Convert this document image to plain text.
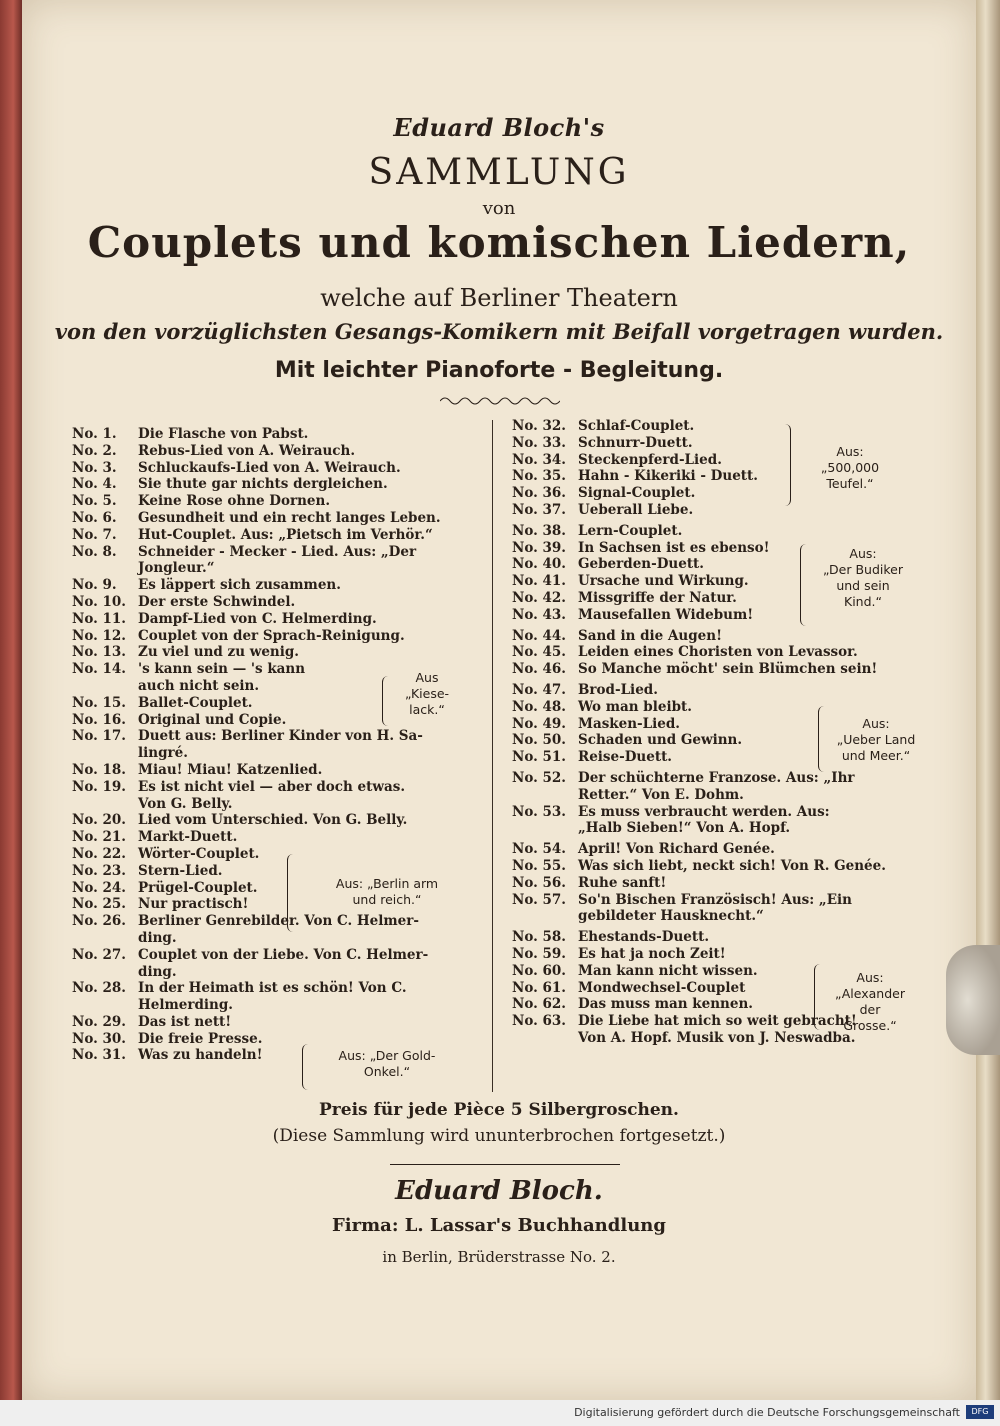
Eduard Bloch's
SAMMLUNG
von
Couplets und komischen Liedern,
welche auf Berliner Theatern
von den vorzüglichsten Gesangs-Komikern mit Beifall vorgetragen wurden.
Mit leichter Pianoforte - Begleitung.
No. 1.	Die Flasche von Pabst.
No. 2.	Rebus-Lied von A. Weirauch.
No. 3.	Schluckaufs-Lied von A. Weirauch.
No. 4.	Sie thute gar nichts dergleichen.
No. 5.	Keine Rose ohne Dornen.
No. 6.	Gesundheit und ein recht langes Leben.
No. 7.	Hut-Couplet. Aus: „Pietsch im Verhör.“
No. 8.	Schneider - Mecker - Lied. Aus: „Der
Jongleur.“
No. 9.	Es läppert sich zusammen.
No. 10. Der erste Schwindel.
No. 11. Dampf-Lied von C. Helmerding.
No. 12. Couplet von der Sprach-Reinigung.
No. 13. Zu viel und zu wenig.
No. 14. 's kann sein — 's kann
auch nicht sein.
No. 15. Ballet-Couplet.
No. 16. Original und Copie.
No. 17. Duett aus: Berliner Kinder von H. Sa-
lingré.
No. 18. Miau! Miau! Katzenlied.
No. 19. Es ist nicht viel — aber doch etwas.
Von G. Belly.
No. 20. Lied vom Unterschied. Von G. Belly.
No. 21. Markt-Duett.
No. 22. Wörter-Couplet.
No. 23. Stern-Lied.
No. 24. Prügel-Couplet.
No. 25. Nur practisch!
No. 26. Berliner Genrebilder. Von C. Helmer-
ding.
No. 27. Couplet von der Liebe. Von C. Helmer-
ding.
No. 28. In der Heimath ist es schön! Von C.
Helmerding.
No. 29. Das ist nett!
No. 30. Die freie Presse.
No. 31. Was zu handeln!
No. 32. Schlaf-Couplet.
No. 33. Schnurr-Duett.
No. 34. Steckenpferd-Lied.
No. 35. Hahn - Kikeriki - Duett.
No. 36. Signal-Couplet.
No. 37. Ueberall Liebe.
No. 38. Lern-Couplet.
No. 39. In Sachsen ist es ebenso!
No. 40. Geberden-Duett.
No. 41. Ursache und Wirkung.
No. 42. Missgriffe der Natur.
No. 43. Mausefallen Widebum!
No. 44. Sand in die Augen!
No. 45. Leiden eines Choristen von Levassor.
No. 46. So Manche möcht' sein Blümchen sein!
No. 47. Brod-Lied.
No. 48. Wo man bleibt.
No. 49. Masken-Lied.
No. 50. Schaden und Gewinn.
No. 51. Reise-Duett.
No. 52. Der schüchterne Franzose. Aus: „Ihr
Retter.“ Von E. Dohm.
No. 53. Es muss verbraucht werden. Aus:
„Halb Sieben!“ Von A. Hopf.
No. 54. April! Von Richard Genée.
No. 55. Was sich liebt, neckt sich! Von R. Genée.
No. 56. Ruhe sanft!
No. 57. So'n Bischen Französisch! Aus: „Ein
gebildeter Hausknecht.“
No. 58. Ehestands-Duett.
No. 59. Es hat ja noch Zeit!
No. 60. Man kann nicht wissen.
No. 61. Mondwechsel-Couplet
No. 62. Das muss man kennen.
No. 63. Die Liebe hat mich so weit gebracht!
Von A. Hopf. Musik von J. Neswadba.
Aus
„Kiese-
lack.“
Aus: „Berlin arm
und reich.“
Aus: „Der Gold-
Onkel.“
Aus:
„500,000
Teufel.“
Aus:
„Der Budiker
und sein
Kind.“
Aus:
„Ueber Land
und Meer.“
Aus:
„Alexander
der
Grosse.“
Preis für jede Pièce 5 Silbergroschen.
(Diese Sammlung wird ununterbrochen fortgesetzt.)
Eduard Bloch.
Firma: L. Lassar's Buchhandlung
in Berlin, Brüderstrasse No. 2.
Digitalisierung gefördert durch die Deutsche Forschungsgemeinschaft	DFG
